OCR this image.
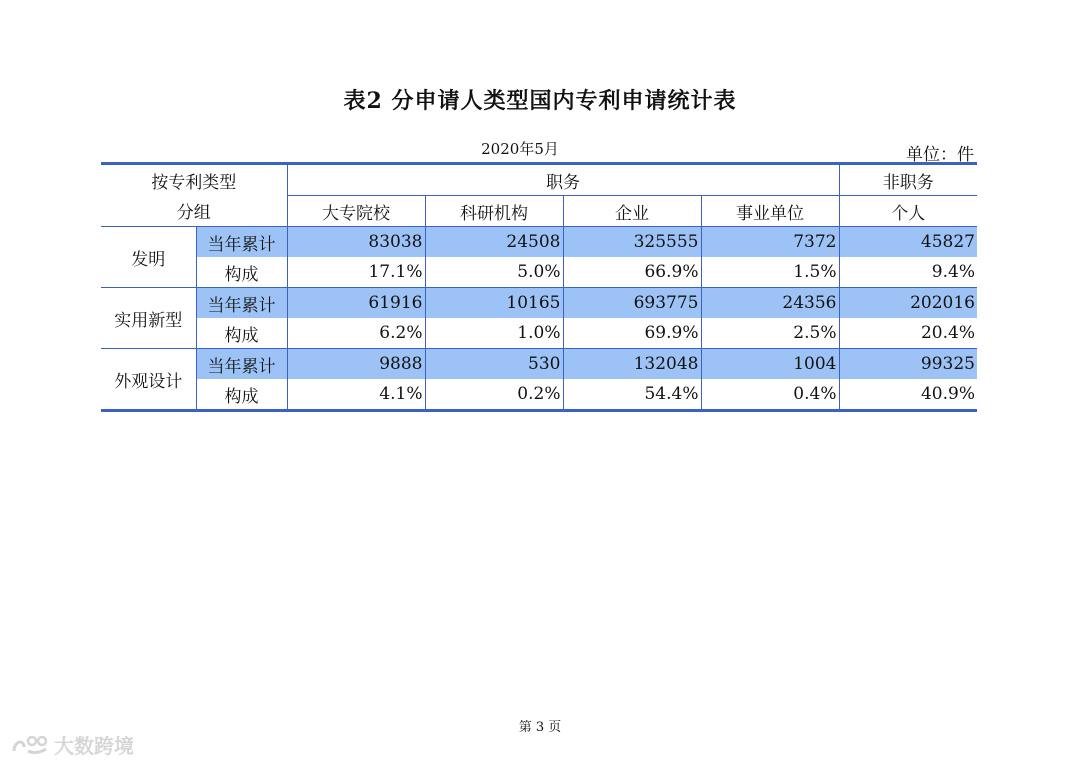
表2 分申请人类型国内专利申请统计表
2020年5月	单位：件
按专利类型		职务				非职务
分组		大专院校	科研机构	企业	事业单位	个人
发明	当年累计	83038	24508	325555	7372	45827
	构成	17.1%	5.0%	66.9%	1.5%	9.4%
实用新型	当年累计	61916	10165	693775	24356	202016
	构成	6.2%	1.0%	69.9%	2.5%	20.4%
外观设计	当年累计	9888	530	132048	1004	99325
	构成	4.1%	0.2%	54.4%	0.4%	40.9%
第 3 页
大数跨境
